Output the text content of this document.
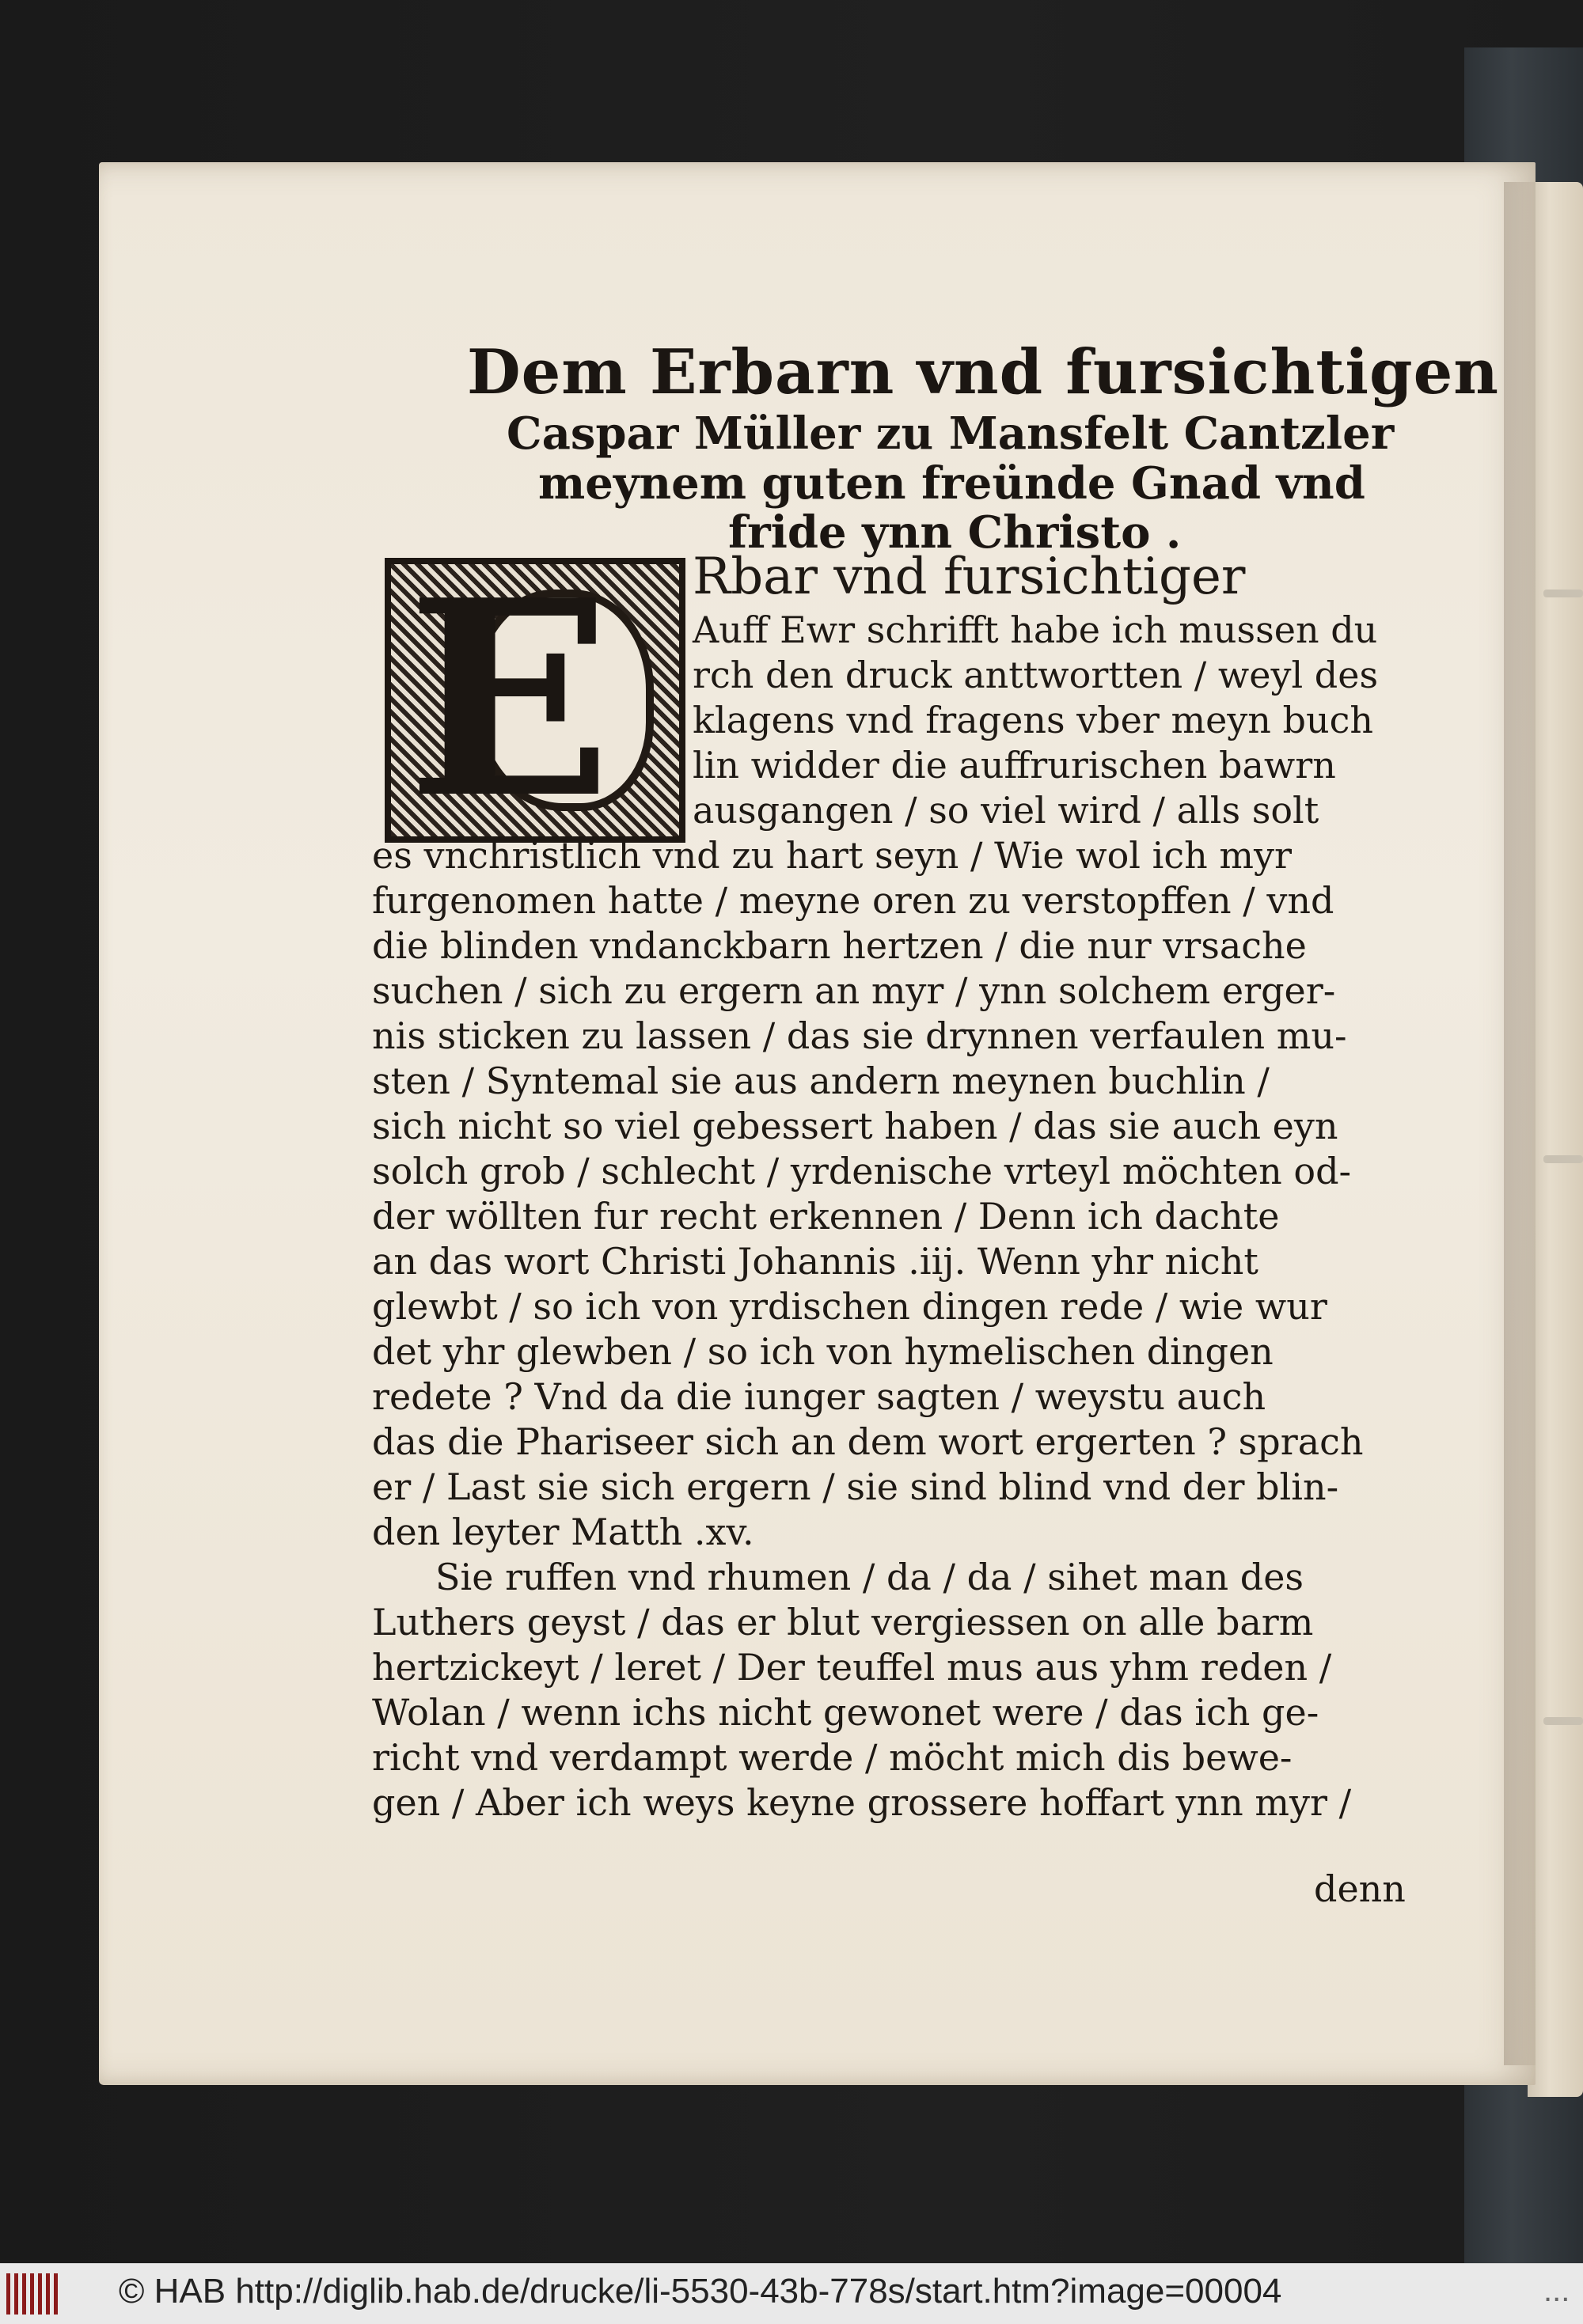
Dem Erbarn vnd fursichtigen

Caspar Müller zu Mansfelt Cantzler

meynem guten freünde Gnad vnd

fride ynn Christo .

E	Rbar vnd fursichtiger
Auff Ewr schrifft habe ich mussen du
rch den druck anttwortten / weyl des
klagens vnd fragens vber meyn buch
lin widder die auffrurischen bawrn
ausgangen / so viel wird / alls solt
es vnchristlich vnd zu hart seyn / Wie wol ich myr
furgenomen hatte / meyne oren zu verstopffen / vnd
die blinden vndanckbarn hertzen / die nur vrsache
suchen / sich zu ergern an myr / ynn solchem erger-
nis sticken zu lassen / das sie drynnen verfaulen mu-
sten / Syntemal sie aus andern meynen buchlin /
sich nicht so viel gebessert haben / das sie auch eyn
solch grob / schlecht / yrdenische vrteyl möchten od-
der wöllten fur recht erkennen / Denn ich dachte
an das wort Christi Johannis .iij. Wenn yhr nicht
glewbt / so ich von yrdischen dingen rede / wie wur
det yhr glewben / so ich von hymelischen dingen
redete ? Vnd da die iunger sagten / weystu auch
das die Phariseer sich an dem wort ergerten ? sprach
er / Last sie sich ergern / sie sind blind vnd der blin-
den leyter Matth .xv.
Sie ruffen vnd rhumen / da / da / sihet man des
Luthers geyst / das er blut vergiessen on alle barm
hertzickeyt / leret / Der teuffel mus aus yhm reden /
Wolan / wenn ichs nicht gewonet were / das ich ge-
richt vnd verdampt werde / möcht mich dis bewe-
gen / Aber ich weys keyne grossere hoffart ynn myr /

denn

© HAB http://diglib.hab.de/drucke/li-5530-43b-778s/start.htm?image=00004	...
